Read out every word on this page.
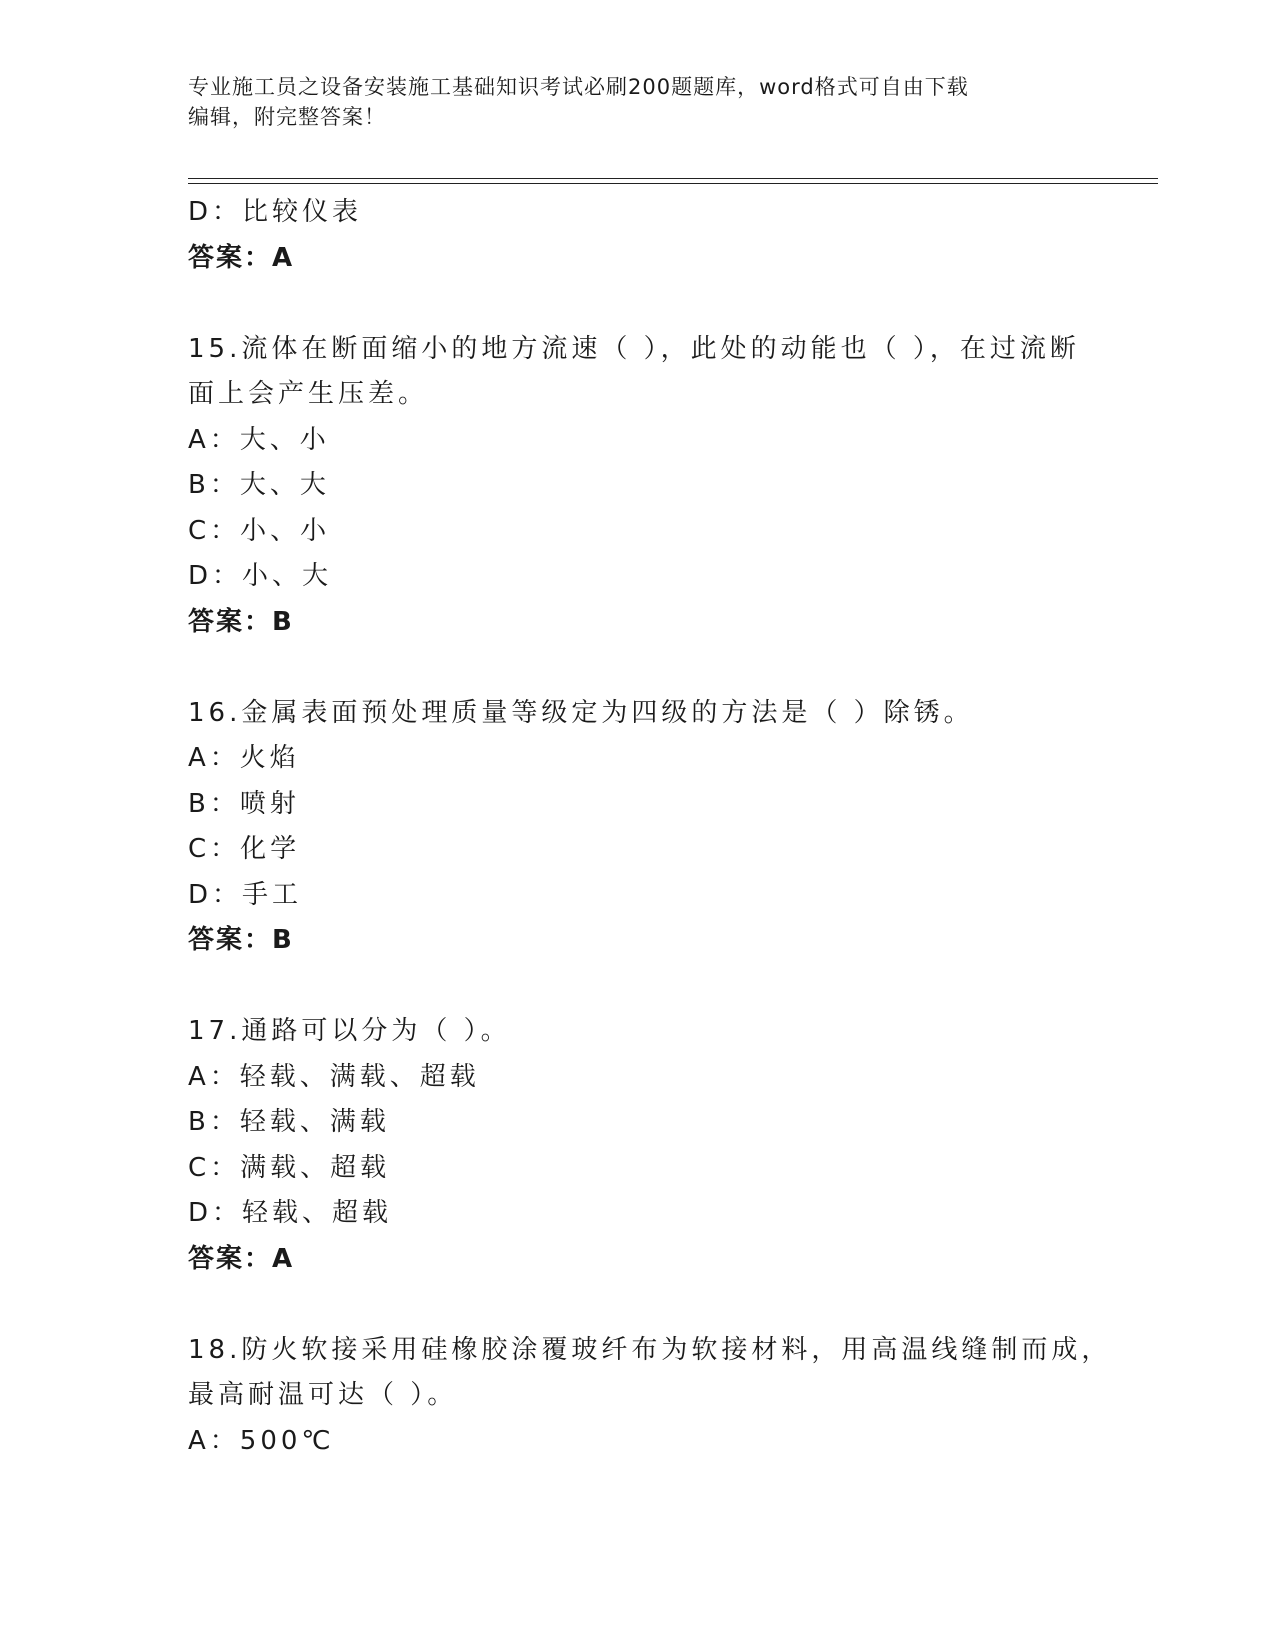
专业施工员之设备安装施工基础知识考试必刷200题题库，word格式可自由下载
编辑，附完整答案！
D：比较仪表
答案：A
15.流体在断面缩小的地方流速（ ），此处的动能也（ ），在过流断
面上会产生压差。
A：大、小
B：大、大
C：小、小
D：小、大
答案：B
16.金属表面预处理质量等级定为四级的方法是（ ）除锈。
A：火焰
B：喷射
C：化学
D：手工
答案：B
17.通路可以分为（ ）。
A：轻载、满载、超载
B：轻载、满载
C：满载、超载
D：轻载、超载
答案：A
18.防火软接采用硅橡胶涂覆玻纤布为软接材料，用高温线缝制而成，
最高耐温可达（ ）。
A：500℃
